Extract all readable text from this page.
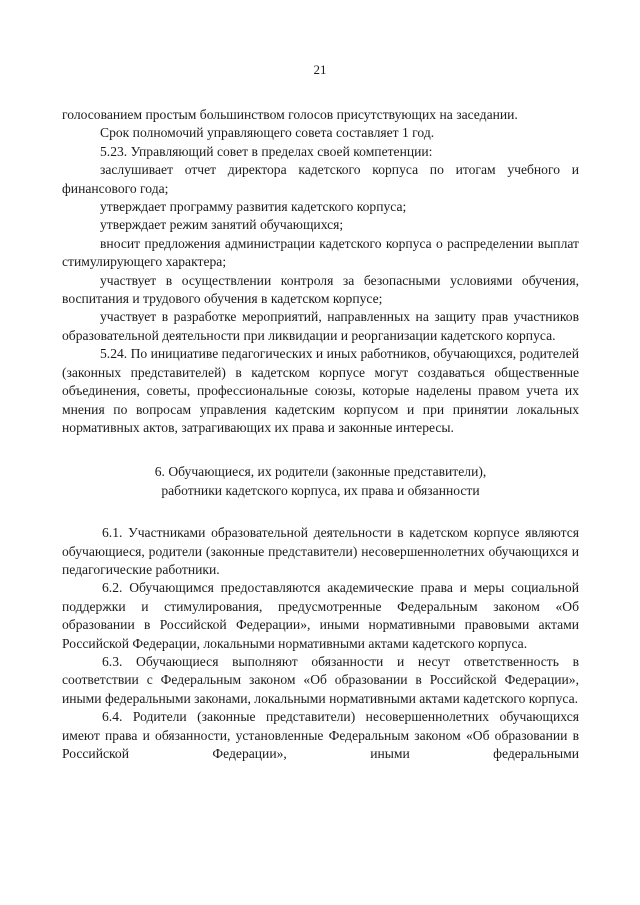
21

голосованием простым большинством голосов присутствующих на заседании.

Срок полномочий управляющего совета составляет 1 год.

5.23. Управляющий совет в пределах своей компетенции:

заслушивает отчет директора кадетского корпуса по итогам учебного и финансового года;

утверждает программу развития кадетского корпуса;

утверждает режим занятий обучающихся;

вносит предложения администрации кадетского корпуса о распределении выплат стимулирующего характера;

участвует в осуществлении контроля за безопасными условиями обучения, воспитания и трудового обучения в кадетском корпусе;

участвует в разработке мероприятий, направленных на защиту прав участников образовательной деятельности при ликвидации и реорганизации кадетского корпуса.

5.24. По инициативе педагогических и иных работников, обучающихся, родителей (законных представителей) в кадетском корпусе могут создаваться общественные объединения, советы, профессиональные союзы, которые наделены правом учета их мнения по вопросам управления кадетским корпусом и при принятии локальных нормативных актов, затрагивающих их права и законные интересы.

6. Обучающиеся, их родители (законные представители),
работники кадетского корпуса, их права и обязанности

6.1. Участниками образовательной деятельности в кадетском корпусе являются обучающиеся, родители (законные представители) несовершеннолетних обучающихся и педагогические работники.

6.2. Обучающимся предоставляются академические права и меры социальной поддержки и стимулирования, предусмотренные Федеральным законом «Об образовании в Российской Федерации», иными нормативными правовыми актами Российской Федерации, локальными нормативными актами кадетского корпуса.

6.3. Обучающиеся выполняют обязанности и несут ответственность в соответствии с Федеральным законом «Об образовании в Российской Федерации», иными федеральными законами, локальными нормативными актами кадетского корпуса.

6.4. Родители (законные представители) несовершеннолетних обучающихся имеют права и обязанности, установленные Федеральным законом «Об образовании в Российской Федерации», иными федеральными
